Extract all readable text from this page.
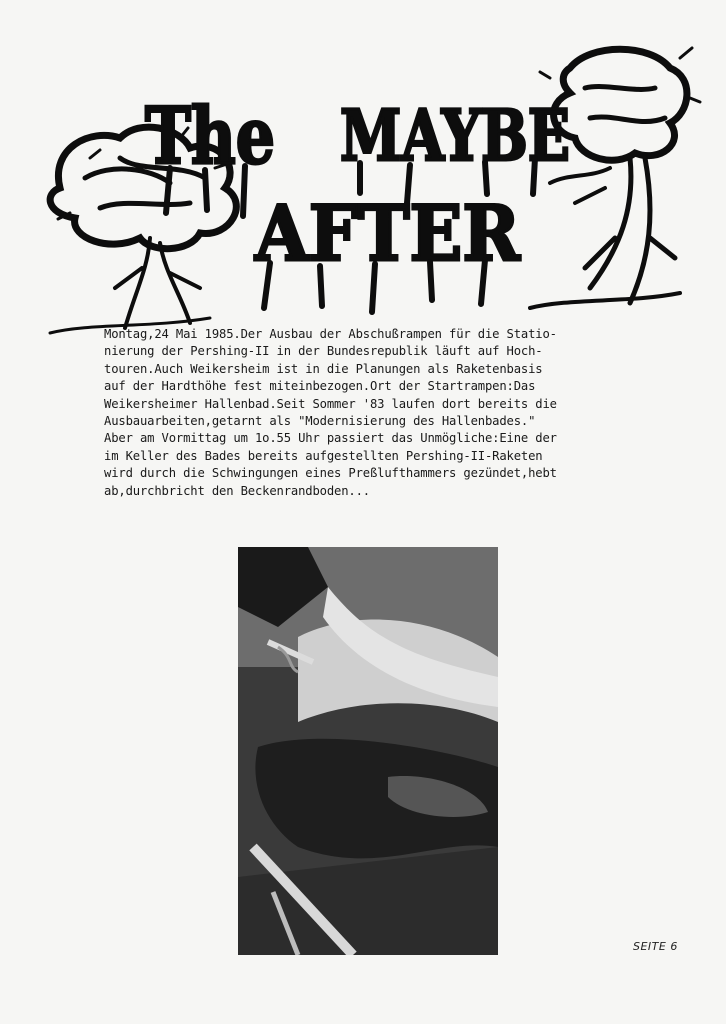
The MAYBE
AFTER
Montag,24 Mai 1985.Der Ausbau der Abschußrampen für die Statio-
nierung der Pershing-II in der Bundesrepublik läuft auf Hoch-
touren.Auch Weikersheim ist in die Planungen als Raketenbasis
auf der Hardthöhe fest miteinbezogen.Ort der Startrampen:Das
Weikersheimer Hallenbad.Seit Sommer '83 laufen dort bereits die
Ausbauarbeiten,getarnt als "Modernisierung des Hallenbades."
Aber am Vormittag um 1o.55 Uhr passiert das Unmögliche:Eine der
im Keller des Bades bereits aufgestellten Pershing-II-Raketen
wird durch die Schwingungen eines Preßlufthammers gezündet,hebt
ab,durchbricht den Beckenrandboden...
SEITE 6
